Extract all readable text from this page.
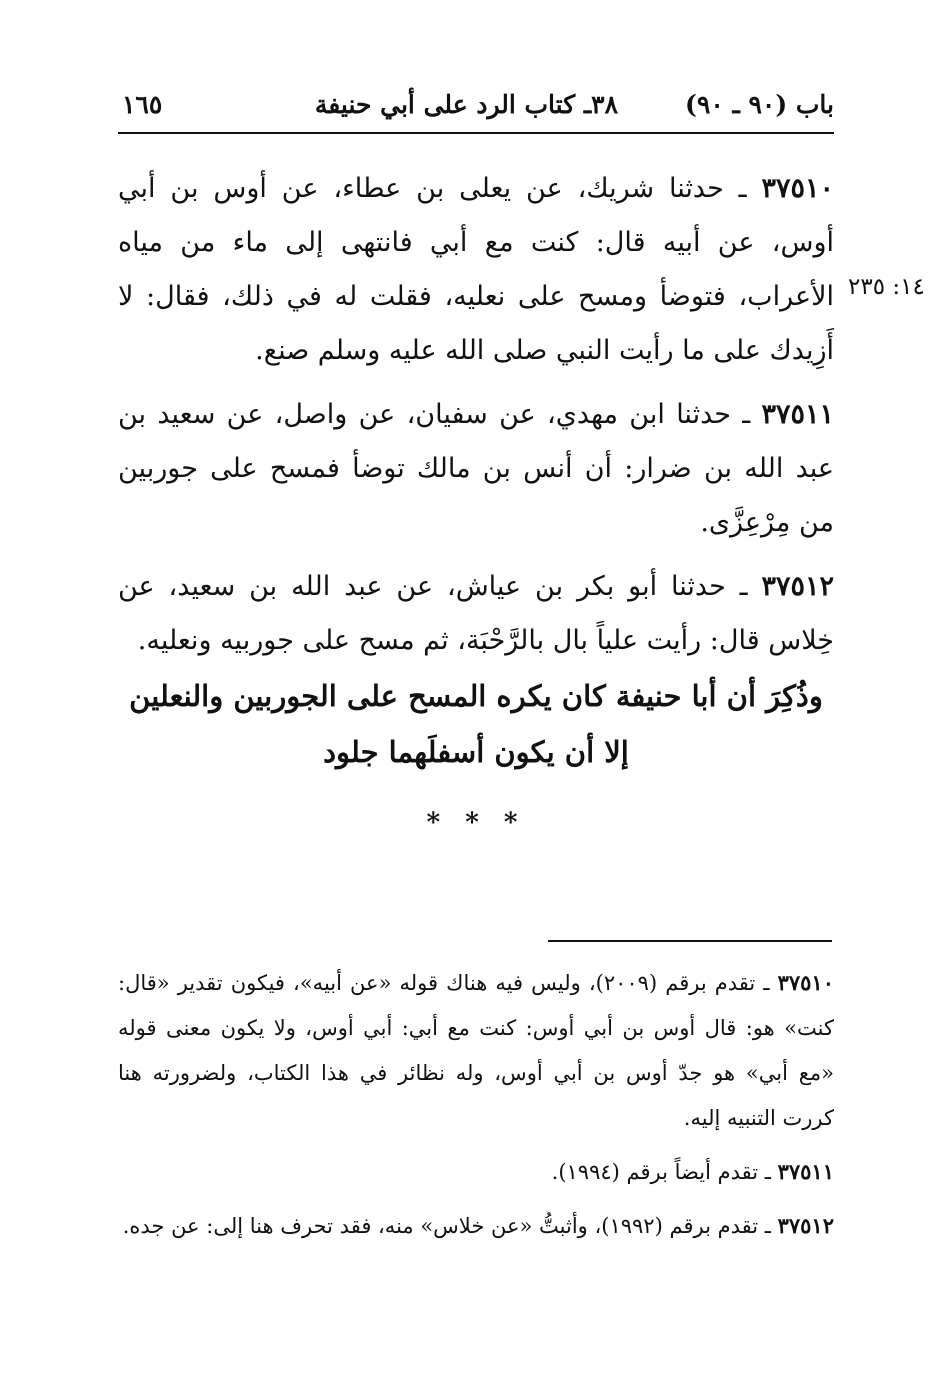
باب (٩٠ ـ ٩٠)
٣٨ـ كتاب الرد على أبي حنيفة
١٦٥
١٤: ٢٣٥

٣٧٥١٠ ـ حدثنا شريك، عن يعلى بن عطاء، عن أوس بن أبي أوس، عن أبيه قال: كنت مع أبي فانتهى إلى ماء من مياه الأعراب، فتوضأ ومسح على نعليه، فقلت له في ذلك، فقال: لا أَزِيدك على ما رأيت النبي صلى الله عليه وسلم صنع.

٣٧٥١١ ـ حدثنا ابن مهدي، عن سفيان، عن واصل، عن سعيد بن عبد الله بن ضرار: أن أنس بن مالك توضأ فمسح على جوربين من مِرْعِزَّى.

٣٧٥١٢ ـ حدثنا أبو بكر بن عياش، عن عبد الله بن سعيد، عن خِلاس قال: رأيت علياً بال بالرَّحْبَة، ثم مسح على جوربيه ونعليه.

وذُكِرَ أن أبا حنيفة كان يكره المسح على الجوربين والنعلين إلا أن يكون أسفلَهما جلود
* * *

٣٧٥١٠ ـ تقدم برقم (٢٠٠٩)، وليس فيه هناك قوله «عن أبيه»، فيكون تقدير «قال: كنت» هو: قال أوس بن أبي أوس: كنت مع أبي: أبي أوس، ولا يكون معنى قوله «مع أبي» هو جدّ أوس بن أبي أوس، وله نظائر في هذا الكتاب، ولضرورته هنا كررت التنبيه إليه.

٣٧٥١١ ـ تقدم أيضاً برقم (١٩٩٤).

٣٧٥١٢ ـ تقدم برقم (١٩٩٢)، وأثبتُّ «عن خلاس» منه، فقد تحرف هنا إلى: عن جده.
